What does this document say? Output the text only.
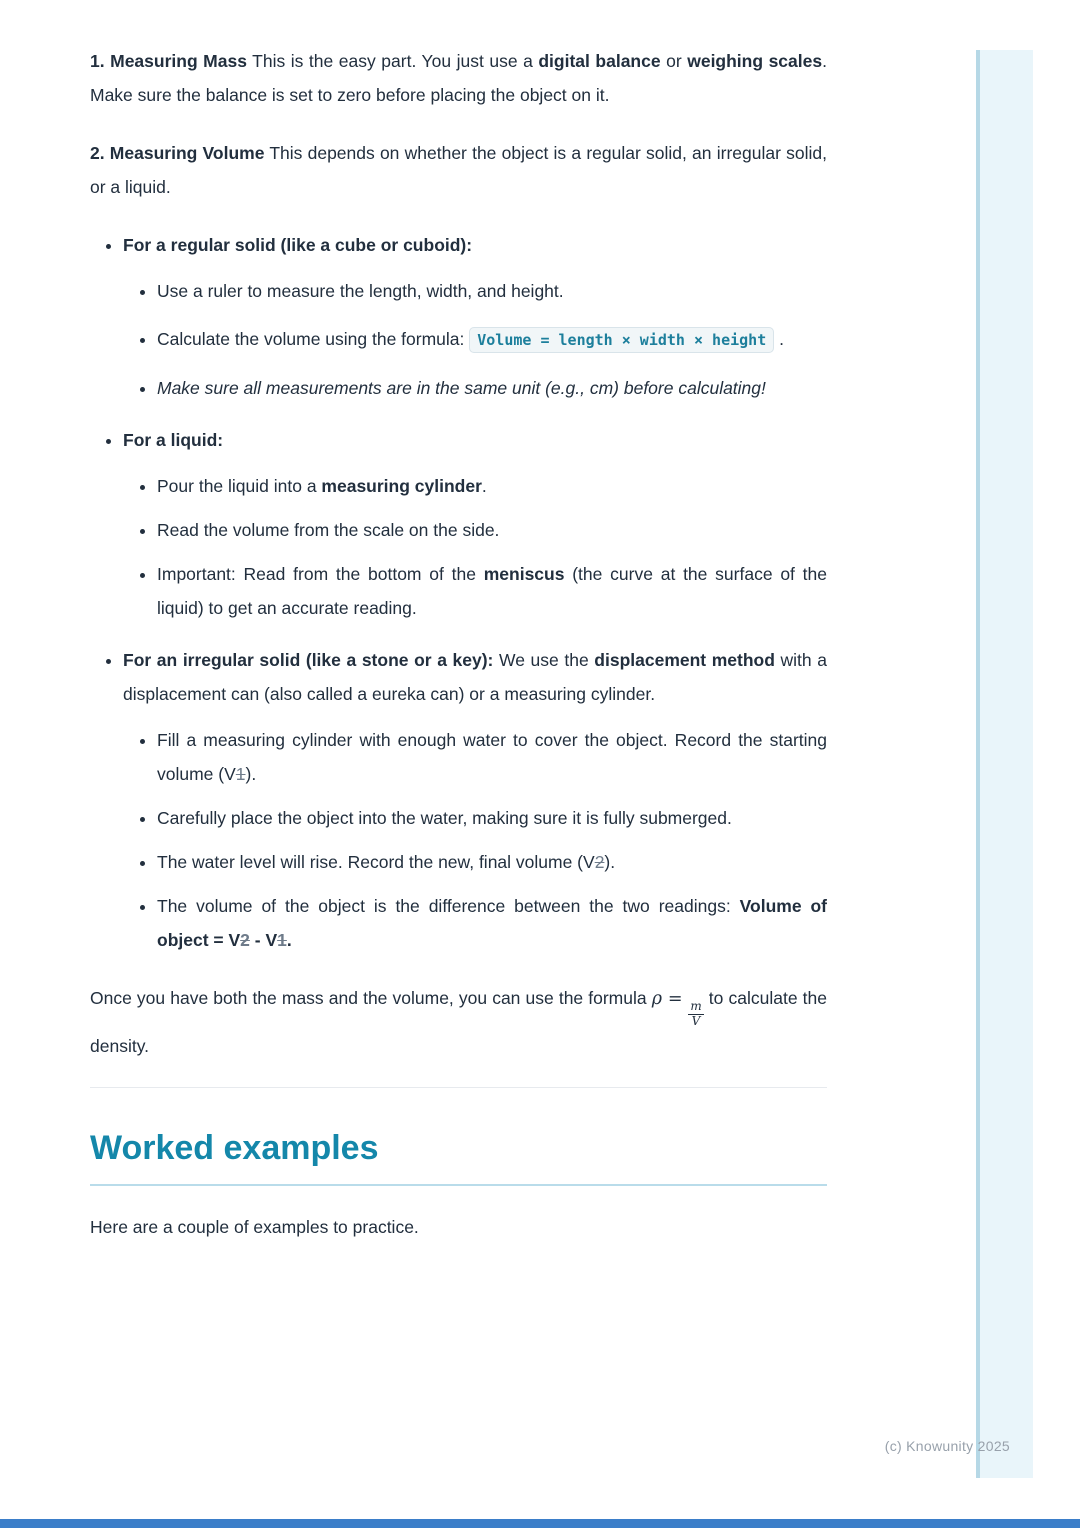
1. Measuring Mass This is the easy part. You just use a digital balance or weighing scales. Make sure the balance is set to zero before placing the object on it.

2. Measuring Volume This depends on whether the object is a regular solid, an irregular solid, or a liquid.

• For a regular solid (like a cube or cuboid):
• Use a ruler to measure the length, width, and height.
• Calculate the volume using the formula: Volume = length × width × height .
• Make sure all measurements are in the same unit (e.g., cm) before calculating!
• For a liquid:
• Pour the liquid into a measuring cylinder.
• Read the volume from the scale on the side.
• Important: Read from the bottom of the meniscus (the curve at the surface of the liquid) to get an accurate reading.
• For an irregular solid (like a stone or a key): We use the displacement method with a displacement can (also called a eureka can) or a measuring cylinder.
• Fill a measuring cylinder with enough water to cover the object. Record the starting volume (V1).
• Carefully place the object into the water, making sure it is fully submerged.
• The water level will rise. Record the new, final volume (V2).
• The volume of the object is the difference between the two readings: Volume of object = V2 - V1.

Once you have both the mass and the volume, you can use the formula ρ =
$\frac{m}{V}$
to calculate the density.

Worked examples

Here are a couple of examples to practice.

(c) Knowunity 2025
